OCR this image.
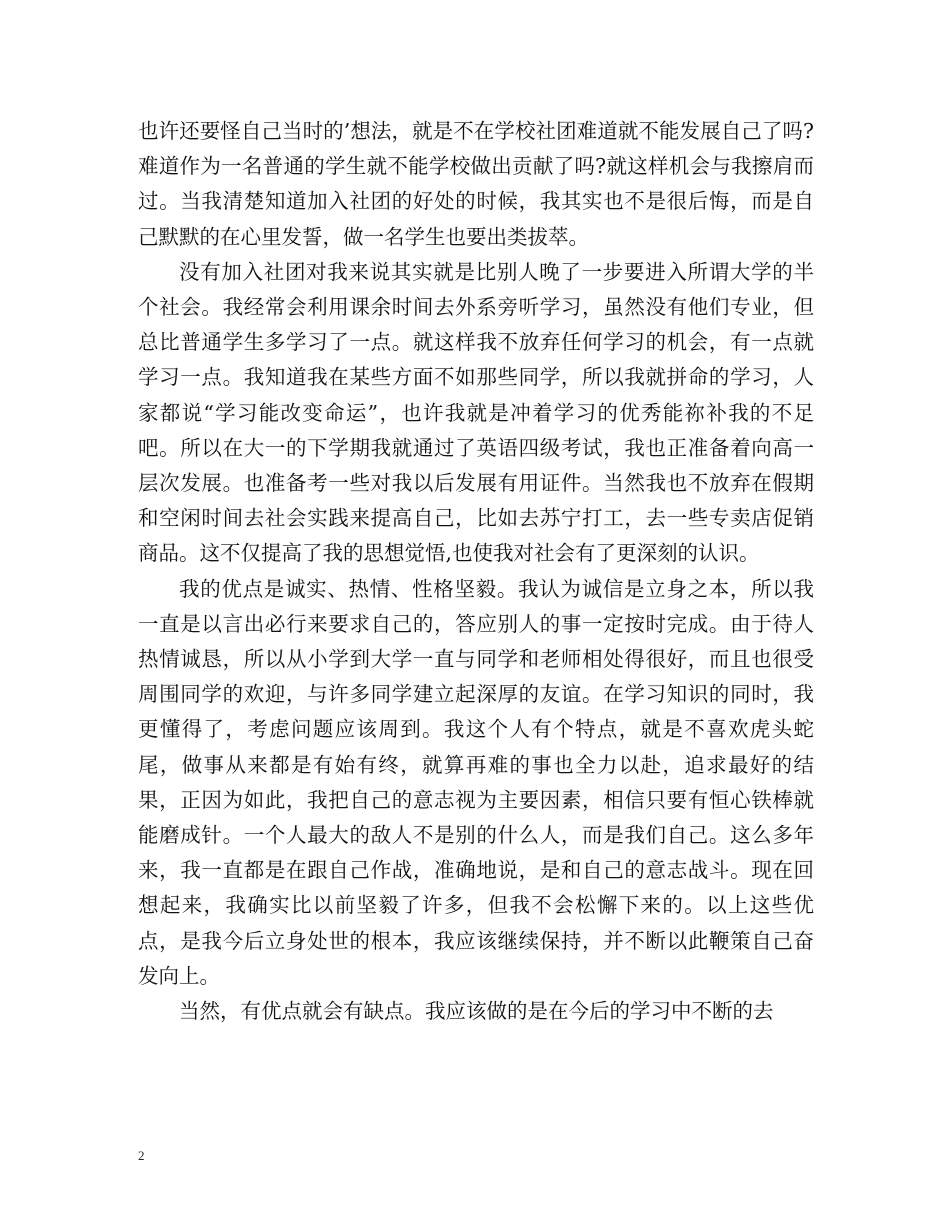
也许还要怪自己当时的’想法，就是不在学校社团难道就不能发展自己了吗?难道作为一名普通的学生就不能学校做出贡献了吗?就这样机会与我擦肩而过。当我清楚知道加入社团的好处的时候，我其实也不是很后悔，而是自己默默的在心里发誓，做一名学生也要出类拔萃。

没有加入社团对我来说其实就是比别人晚了一步要进入所谓大学的半个社会。我经常会利用课余时间去外系旁听学习，虽然没有他们专业，但总比普通学生多学习了一点。就这样我不放弃任何学习的机会，有一点就学习一点。我知道我在某些方面不如那些同学，所以我就拼命的学习，人家都说“学习能改变命运”，也许我就是冲着学习的优秀能祢补我的不足吧。所以在大一的下学期我就通过了英语四级考试，我也正准备着向高一层次发展。也准备考一些对我以后发展有用证件。当然我也不放弃在假期和空闲时间去社会实践来提高自己，比如去苏宁打工，去一些专卖店促销商品。这不仅提高了我的思想觉悟,也使我对社会有了更深刻的认识。

我的优点是诚实、热情、性格坚毅。我认为诚信是立身之本，所以我一直是以言出必行来要求自己的，答应别人的事一定按时完成。由于待人热情诚恳，所以从小学到大学一直与同学和老师相处得很好，而且也很受周围同学的欢迎，与许多同学建立起深厚的友谊。在学习知识的同时，我更懂得了，考虑问题应该周到。我这个人有个特点，就是不喜欢虎头蛇尾，做事从来都是有始有终，就算再难的事也全力以赴，追求最好的结果，正因为如此，我把自己的意志视为主要因素，相信只要有恒心铁棒就能磨成针。一个人最大的敌人不是别的什么人，而是我们自己。这么多年来，我一直都是在跟自己作战，准确地说，是和自己的意志战斗。现在回想起来，我确实比以前坚毅了许多，但我不会松懈下来的。以上这些优点，是我今后立身处世的根本，我应该继续保持，并不断以此鞭策自己奋发向上。

当然，有优点就会有缺点。我应该做的是在今后的学习中不断的去

2
